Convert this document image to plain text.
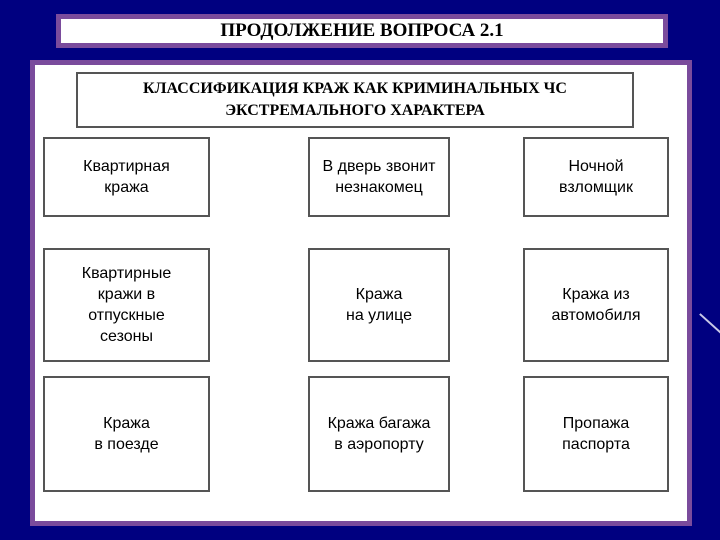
ПРОДОЛЖЕНИЕ ВОПРОСА 2.1
КЛАССИФИКАЦИЯ КРАЖ КАК КРИМИНАЛЬНЫХ ЧС
ЭКСТРЕМАЛЬНОГО ХАРАКТЕРА
Квартирная
кража
В дверь звонит
незнакомец
Ночной
взломщик
Квартирные
кражи в
отпускные
сезоны
Кража
на улице
Кража из
автомобиля
Кража
в поезде
Кража багажа
в аэропорту
Пропажа
паспорта
